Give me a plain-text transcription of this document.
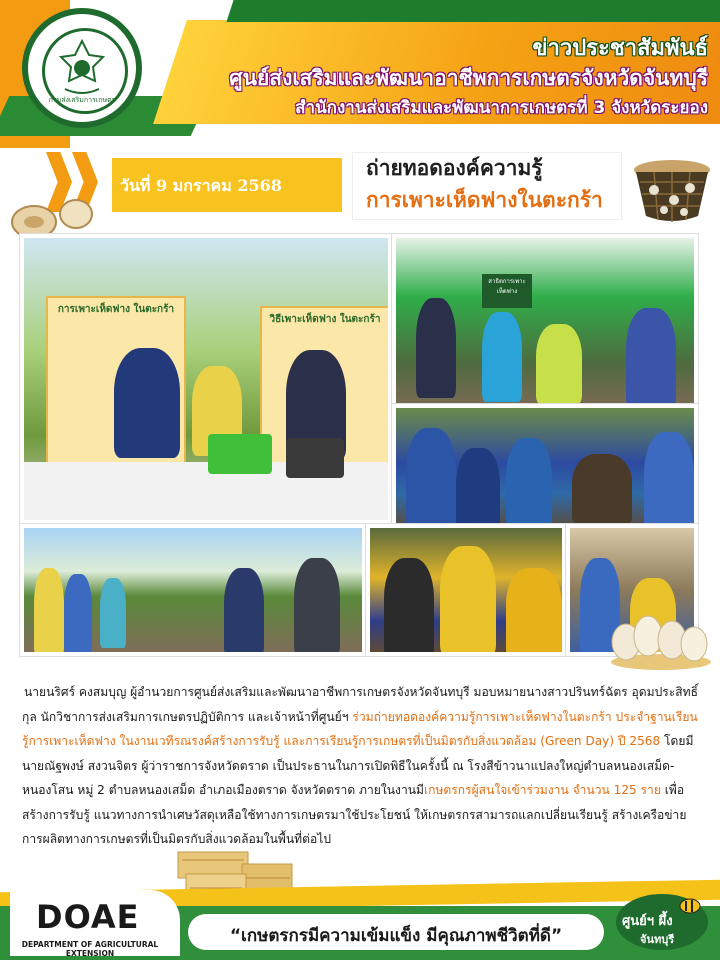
กรมส่งเสริมการเกษตร
ข่าวประชาสัมพันธ์
ศูนย์ส่งเสริมและพัฒนาอาชีพการเกษตรจังหวัดจันทบุรี
สำนักงานส่งเสริมและพัฒนาการเกษตรที่ 3 จังหวัดระยอง
วันที่ 9 มกราคม 2568
ถ่ายทอดองค์ความรู้
การเพาะเห็ดฟางในตะกร้า
การเพาะเห็ดฟาง ในตะกร้า
วิธีเพาะเห็ดฟาง ในตะกร้า
สาธิตการเพาะเห็ดฟาง
นายนริศร์ คงสมบุญ ผู้อำนวยการศูนย์ส่งเสริมและพัฒนาอาชีพการเกษตรจังหวัดจันทบุรี มอบหมายนางสาวปรินทร์ฉัตร อุดมประสิทธิ์กุล นักวิชาการส่งเสริมการเกษตรปฏิบัติการ และเจ้าหน้าที่ศูนย์ฯ ร่วมถ่ายทอดองค์ความรู้การเพาะเห็ดฟางในตะกร้า ประจำฐานเรียนรู้การเพาะเห็ดฟาง ในงานเวทีรณรงค์สร้างการรับรู้ และการเรียนรู้การเกษตรที่เป็นมิตรกับสิ่งแวดล้อม (Green Day) ปี 2568 โดยมี นายณัฐพงษ์ สงวนจิตร ผู้ว่าราชการจังหวัดตราด เป็นประธานในการเปิดพิธีในครั้งนี้ ณ โรงสีข้าวนาแปลงใหญ่ตำบลหนองเสม็ด-หนองโสน หมู่ 2 ตำบลหนองเสม็ด อำเภอเมืองตราด จังหวัดตราด ภายในงานมีเกษตรกรผู้สนใจเข้าร่วมงาน จำนวน 125 ราย เพื่อสร้างการรับรู้ แนวทางการนำเศษวัสดุเหลือใช้ทางการเกษตรมาใช้ประโยชน์ ให้เกษตรกรสามารถแลกเปลี่ยนเรียนรู้ สร้างเครือข่ายการผลิตทางการเกษตรที่เป็นมิตรกับสิ่งแวดล้อมในพื้นที่ต่อไป
“เกษตรกรมีความเข้มแข็ง มีคุณภาพชีวิตที่ดี”
DOAE
DEPARTMENT OF AGRICULTURAL EXTENSION
ศูนย์ฯ ผึ้ง
จันทบุรี
